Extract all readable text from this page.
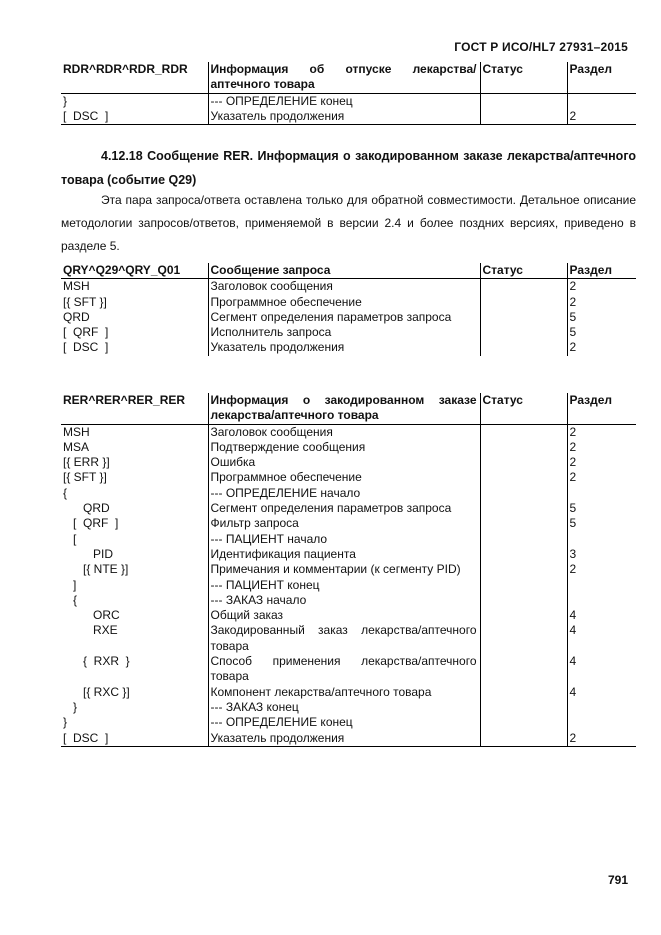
ГОСТ Р ИСО/HL7 27931–2015
RDR^RDR^RDR_RDR	Информация об отпуске лекарства/аптечного товара	Статус	Раздел
}	--- ОПРЕДЕЛЕНИЕ конец		
[  DSC  ]	Указатель продолжения		2
4.12.18 Сообщение RER. Информация о закодированном заказе лекарства/аптечного товара (событие Q29)
Эта пара запроса/ответа оставлена только для обратной совместимости. Детальное описание методологии запросов/ответов, применяемой в версии 2.4 и более поздних версиях, приведено в разделе 5.
QRY^Q29^QRY_Q01	Сообщение запроса	Статус	Раздел
MSH	Заголовок сообщения		2
[{ SFT }]	Программное обеспечение		2
QRD	Сегмент определения параметров запроса		5
[  QRF  ]	Исполнитель запроса		5
[  DSC  ]	Указатель продолжения		2
RER^RER^RER_RER	Информация о закодированном заказе лекарства/аптечного товара	Статус	Раздел
MSH	Заголовок сообщения		2
MSA	Подтверждение сообщения		2
[{ ERR }]	Ошибка		2
[{ SFT }]	Программное обеспечение		2
{	--- ОПРЕДЕЛЕНИЕ начало		
QRD	Сегмент определения параметров запроса		5
[  QRF  ]	Фильтр запроса		5
[	--- ПАЦИЕНТ начало		
PID	Идентификация пациента		3
[{ NTE }]	Примечания и комментарии (к сегменту PID)		2
]	--- ПАЦИЕНТ конец		
{	--- ЗАКАЗ начало		
ORC	Общий заказ		4
RXE	Закодированный заказ лекарства/аптечного товара		4
{  RXR  }	Способ применения лекарства/аптечного товара		4
[{ RXC }]	Компонент лекарства/аптечного товара		4
}	--- ЗАКАЗ конец		
}	--- ОПРЕДЕЛЕНИЕ конец		
[  DSC  ]	Указатель продолжения		2
791
